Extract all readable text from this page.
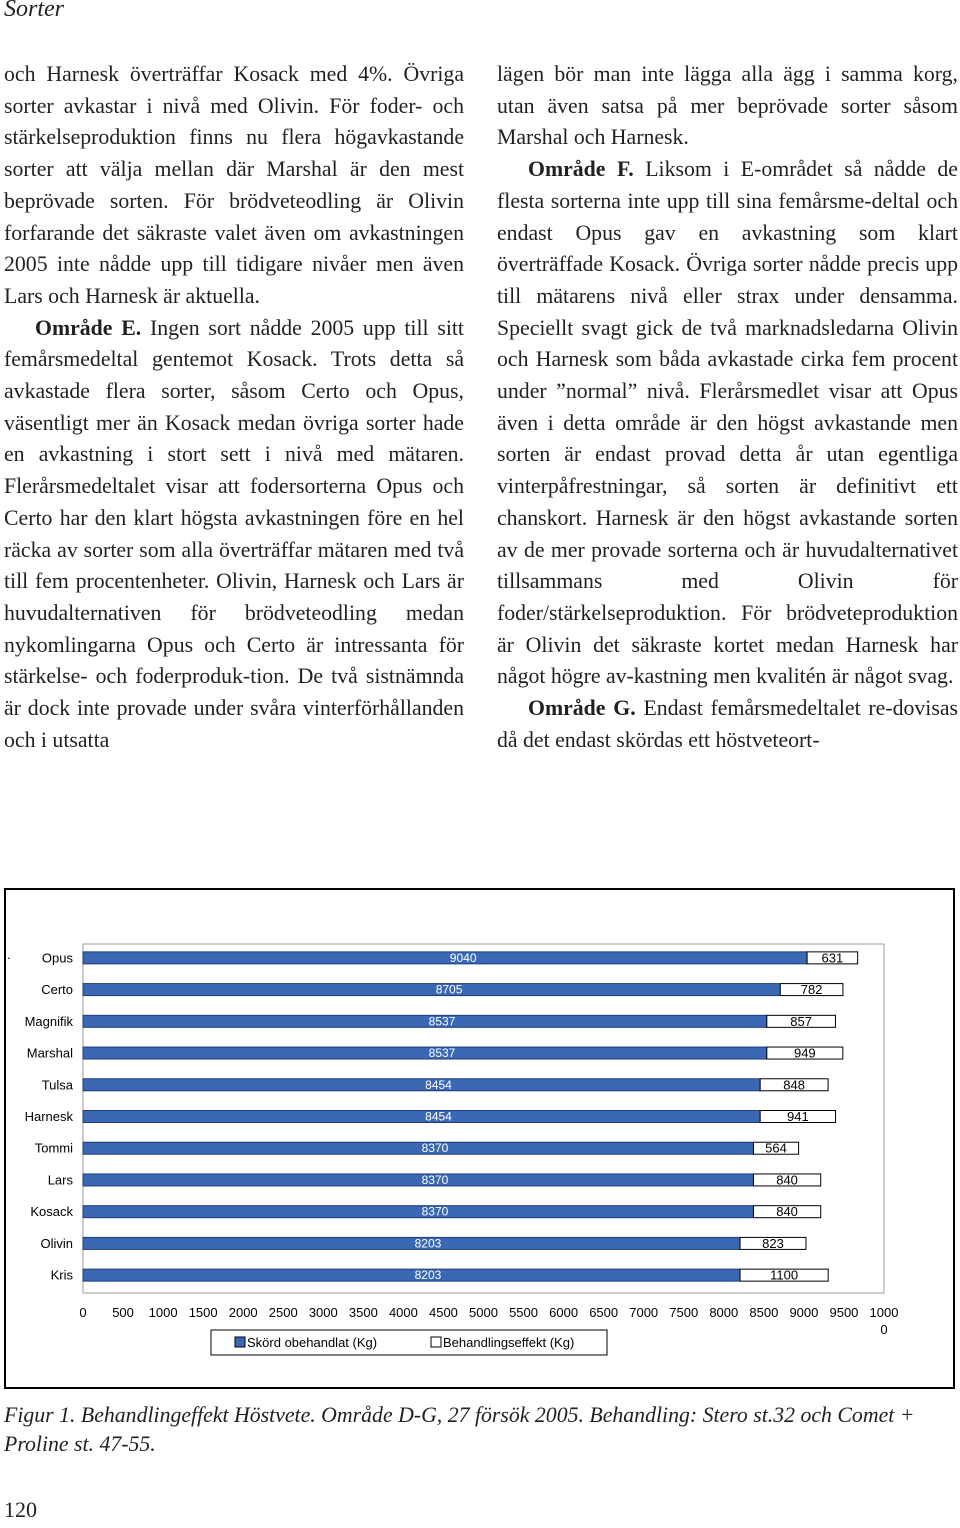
Sorter

och Harnesk överträffar Kosack med 4%. Övriga sorter avkastar i nivå med Olivin. För foder- och stärkelseproduktion finns nu flera högavkastande sorter att välja mellan där Marshal är den mest beprövade sorten. För brödveteodling är Olivin forfarande det säkraste valet även om avkastningen 2005 inte nådde upp till tidigare nivåer men även Lars och Harnesk är aktuella.

Område E. Ingen sort nådde 2005 upp till sitt femårsmedeltal gentemot Kosack. Trots detta så avkastade flera sorter, såsom Certo och Opus, väsentligt mer än Kosack medan övriga sorter hade en avkastning i stort sett i nivå med mätaren. Flerårsmedeltalet visar att fodersorterna Opus och Certo har den klart högsta avkastningen före en hel räcka av sorter som alla överträffar mätaren med två till fem procentenheter. Olivin, Harnesk och Lars är huvudalternativen för brödveteodling medan nykomlingarna Opus och Certo är intressanta för stärkelse- och foderproduk-tion. De två sistnämnda är dock inte provade under svåra vinterförhållanden och i utsatta

lägen bör man inte lägga alla ägg i samma korg, utan även satsa på mer beprövade sorter såsom Marshal och Harnesk.

Område F. Liksom i E-området så nådde de flesta sorterna inte upp till sina femårsme-deltal och endast Opus gav en avkastning som klart överträffade Kosack. Övriga sorter nådde precis upp till mätarens nivå eller strax under densamma. Speciellt svagt gick de två marknadsledarna Olivin och Harnesk som båda avkastade cirka fem procent under ”normal” nivå. Flerårsmedlet visar att Opus även i detta område är den högst avkastande men sorten är endast provad detta år utan egentliga vinterpåfrestningar, så sorten är definitivt ett chanskort. Harnesk är den högst avkastande sorten av de mer provade sorterna och är huvudalternativet tillsammans med Olivin för foder/stärkelseproduktion. För brödveteproduktion är Olivin det säkraste kortet medan Harnesk har något högre av-kastning men kvalitén är något svag.

Område G. Endast femårsmedeltalet re-dovisas då det endast skördas ett höstveteort-

. Opus	9040	631
Certo	8705	782
Magnifik	8537	857
Marshal	8537	949
Tulsa	8454	848
Harnesk	8454	941
Tommi	8370	564
Lars	8370	840
Kosack	8370	840
Olivin	8203	823
Kris	8203	1100
0 500 1000 1500 2000 2500 3000 3500 4000 4500 5000 5500 6000 6500 7000 7500 8000 8500 9000 9500 1000
0
Skörd obehandlat (Kg)	Behandlingseffekt (Kg)
Figur 1. Behandlingeffekt Höstvete. Område D-G, 27 försök 2005. Behandling: Stero st.32 och Comet + Proline st. 47-55.
120
